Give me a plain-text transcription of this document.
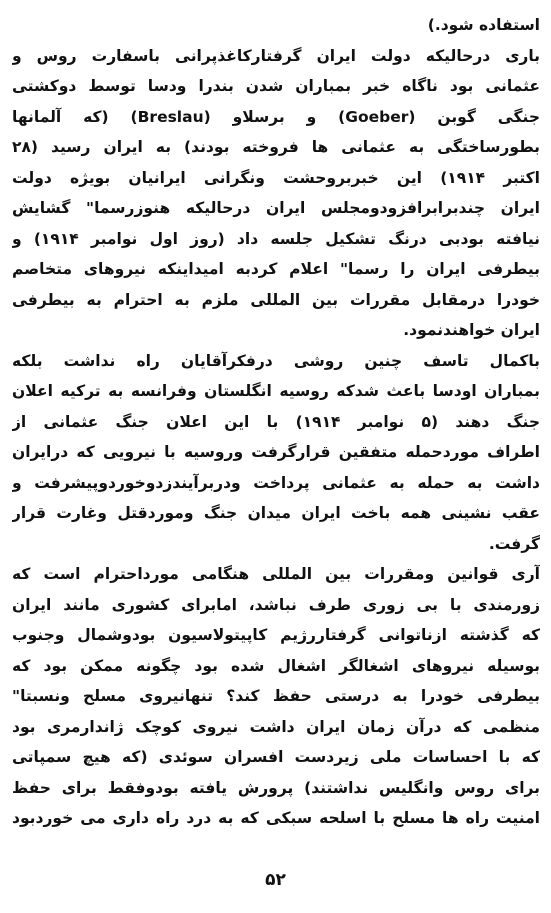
استفاده شود.)
باری درحالیکه دولت ایران گرفتارکاغذپرانی باسفارت روس و
عثمانی بود ناگاه خبر بمباران شدن بندرا ودسا توسط دوکشتی
جنگی گوبن (Goeber) و برسلاو (Breslau) (که آلمانها
بطورساختگی به عثمانی ها فروخته بودند) به ایران رسید (۲۸
اکتبر ۱۹۱۴) این خبربروحشت ونگرانی ایرانیان بویژه دولت
ایران چندبرابرافزودومجلس ایران درحالیکه هنوزرسما" گشایش
نیافته بودبی درنگ تشکیل جلسه داد (روز اول نوامبر ۱۹۱۴) و
بیطرفی ایران را رسما" اعلام کردبه امیداینکه نیروهای متخاصم
خودرا درمقابل مقررات بین المللی ملزم به احترام به بیطرفی
ایران خواهندنمود.
باکمال تاسف چنین روشی درفکرآقایان راه نداشت بلکه
بمباران اودسا باعث شدکه روسیه انگلستان وفرانسه به ترکیه اعلان
جنگ دهند (۵ نوامبر ۱۹۱۴) با این اعلان جنگ عثمانی از
اطراف موردحمله متفقین قرارگرفت وروسیه با نیرویی که درایران
داشت به حمله به عثمانی پرداخت ودربرآیندزدوخوردوپیشرفت و
عقب نشینی همه باخت ایران میدان جنگ وموردقتل وغارت قرار
گرفت.
آری قوانین ومقررات بین المللی هنگامی مورداحترام است که
زورمندی با بی زوری طرف نباشد، امابرای کشوری مانند ایران
که گذشته ازناتوانی گرفتاررژیم کاپیتولاسیون بودوشمال وجنوب
بوسیله نیروهای اشغالگر اشغال شده بود چگونه ممکن بود که
بیطرفی خودرا به درستی حفظ کند؟ تنهانیروی مسلح ونسبتا"
منظمی که درآن زمان ایران داشت نیروی کوچک ژاندارمری بود
که با احساسات ملی زیردست افسران سوئدی (که هیچ سمپاتی
برای روس وانگلیس نداشتند) پرورش یافته بودوفقط برای حفظ
امنیت راه ها مسلح با اسلحه سبکی که به درد راه داری می خوردبود
۵۲
